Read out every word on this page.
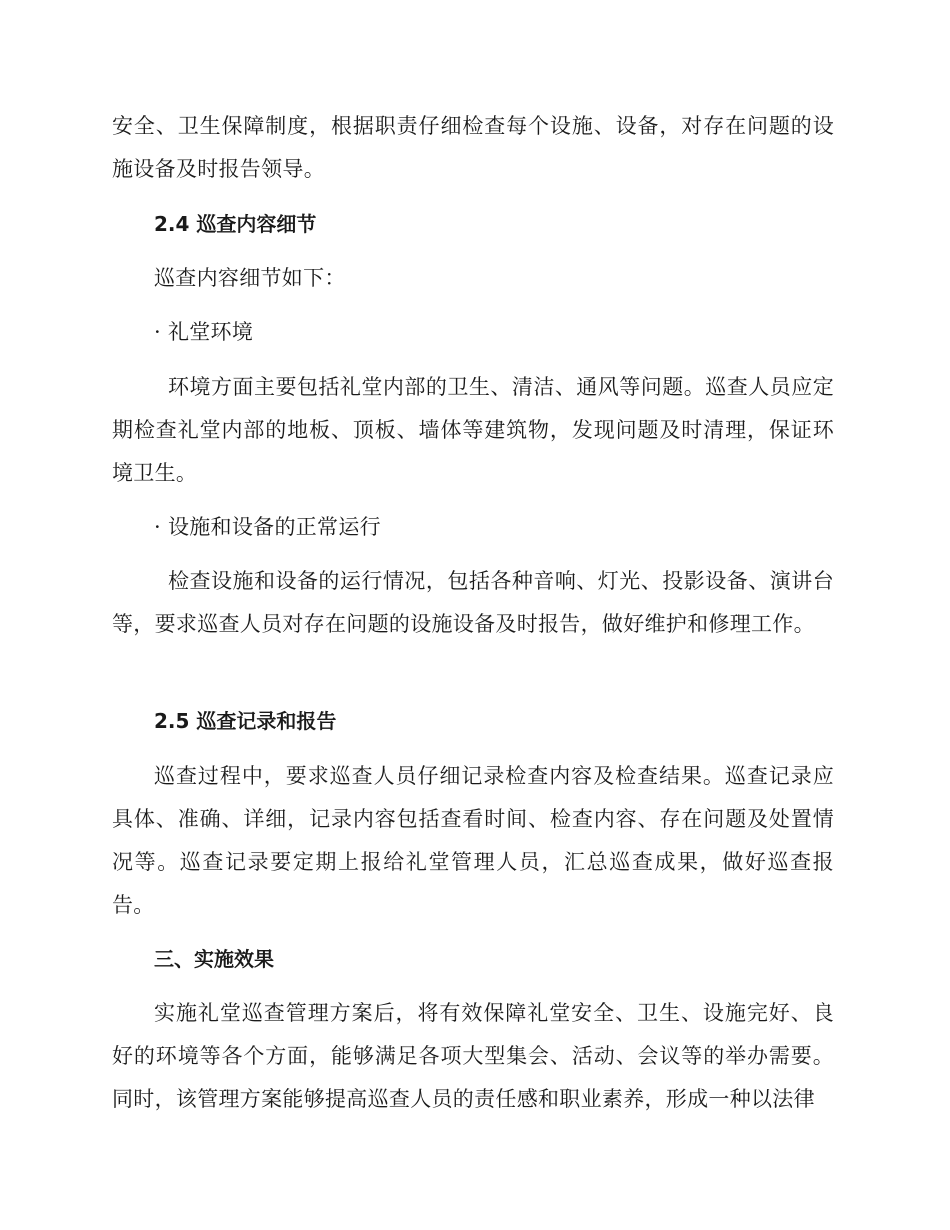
安全、卫生保障制度，根据职责仔细检查每个设施、设备，对存在问题的设施设备及时报告领导。

2.4 巡查内容细节

巡查内容细节如下：

· 礼堂环境

环境方面主要包括礼堂内部的卫生、清洁、通风等问题。巡查人员应定期检查礼堂内部的地板、顶板、墙体等建筑物，发现问题及时清理，保证环境卫生。

· 设施和设备的正常运行

检查设施和设备的运行情况，包括各种音响、灯光、投影设备、演讲台等，要求巡查人员对存在问题的设施设备及时报告，做好维护和修理工作。

2.5 巡查记录和报告

巡查过程中，要求巡查人员仔细记录检查内容及检查结果。巡查记录应具体、准确、详细，记录内容包括查看时间、检查内容、存在问题及处置情况等。巡查记录要定期上报给礼堂管理人员，汇总巡查成果，做好巡查报告。

三、实施效果

实施礼堂巡查管理方案后，将有效保障礼堂安全、卫生、设施完好、良好的环境等各个方面，能够满足各项大型集会、活动、会议等的举办需要。同时，该管理方案能够提高巡查人员的责任感和职业素养，形成一种以法律
